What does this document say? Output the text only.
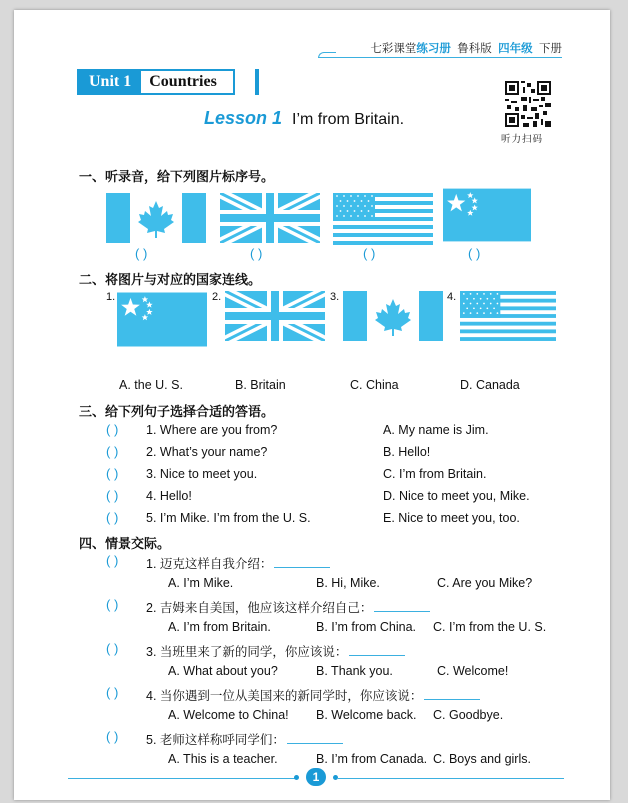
七彩课堂练习册 鲁科版 四年级 下册
Unit 1	Countries
Lesson 1 I’m from Britain.
听力扫码
一、听录音，给下列图片标序号。
( )	( )	( )	( )
二、将图片与对应的国家连线。
1.	2.	3.	4.
A. the U. S.	B. Britain	C. China	D. Canada
三、给下列句子选择合适的答语。
( ) 1. Where are you from?	A. My name is Jim.
( ) 2. What’s your name?	B. Hello!
( ) 3. Nice to meet you.	C. I’m from Britain.
( ) 4. Hello!	D. Nice to meet you, Mike.
( ) 5. I’m Mike. I’m from the U. S.	E. Nice to meet you, too.
四、情景交际。
( ) 1. 迈克这样自我介绍：
A. I’m Mike.	B. Hi, Mike.	C. Are you Mike?
( ) 2. 吉姆来自美国，他应该这样介绍自己：
A. I’m from Britain.	B. I’m from China. C. I’m from the U. S.
( ) 3. 当班里来了新的同学，你应该说：
A. What about you?	B. Thank you.	C. Welcome!
( ) 4. 当你遇到一位从美国来的新同学时，你应该说：
A. Welcome to China! B. Welcome back. C. Goodbye.
( ) 5. 老师这样称呼同学们：
A. This is a teacher.	B. I’m from Canada. C. Boys and girls.
1
